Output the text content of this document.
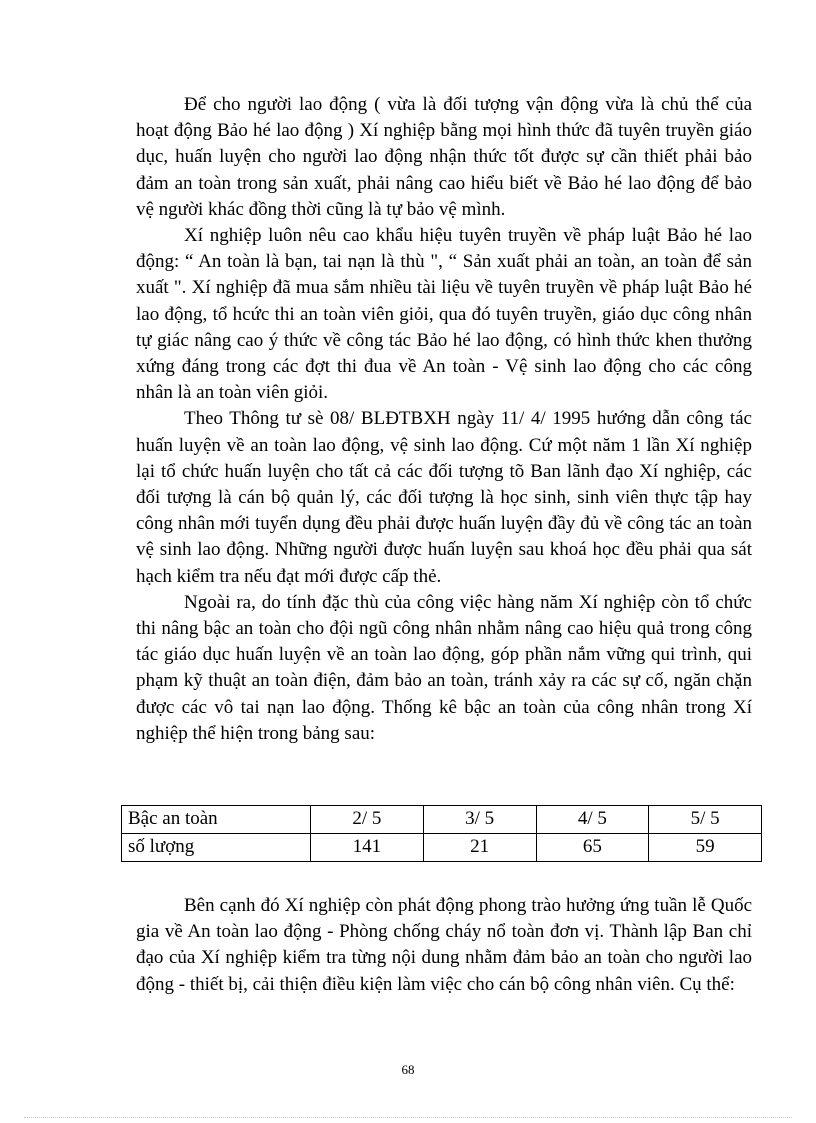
Để cho người lao động ( vừa là đối tượng vận động vừa là chủ thể của hoạt động Bảo hé lao động ) Xí nghiệp bằng mọi hình thức đã tuyên truyền giáo dục, huấn luyện cho người lao động nhận thức tốt được sự cần thiết phải bảo đảm an toàn trong sản xuất, phải nâng cao hiểu biết về Bảo hé lao động để bảo vệ người khác đồng thời cũng là tự bảo vệ mình.

Xí nghiệp luôn nêu cao khẩu hiệu tuyên truyền về pháp luật Bảo hé lao động: “ An toàn là bạn, tai nạn là thù ", “ Sản xuất phải an toàn, an toàn để sản xuất ". Xí nghiệp đã mua sắm nhiều tài liệu về tuyên truyền về pháp luật Bảo hé lao động, tổ hcức thi an toàn viên giỏi, qua đó tuyên truyền, giáo dục công nhân tự giác nâng cao ý thức về công tác Bảo hé lao động, có hình thức khen thưởng xứng đáng trong các đợt thi đua về An toàn - Vệ sinh lao động cho các công nhân là an toàn viên giỏi.

Theo Thông tư sè 08/ BLĐTBXH ngày 11/ 4/ 1995 hướng dẫn công tác huấn luyện về an toàn lao động, vệ sinh lao động. Cứ một năm 1 lần Xí nghiệp lại tổ chức huấn luyện cho tất cả các đối tượng tõ Ban lãnh đạo Xí nghiệp, các đối tượng là cán bộ quản lý, các đối tượng là học sinh, sinh viên thực tập hay công nhân mới tuyển dụng đều phải được huấn luyện đầy đủ về công tác an toàn vệ sinh lao động. Những người được huấn luyện sau khoá học đều phải qua sát hạch kiểm tra nếu đạt mới được cấp thẻ.

Ngoài ra, do tính đặc thù của công việc hàng năm Xí nghiệp còn tổ chức thi nâng bậc an toàn cho đội ngũ công nhân nhằm nâng cao hiệu quả trong công tác giáo dục huấn luyện về an toàn lao động, góp phần nắm vững qui trình, qui phạm kỹ thuật an toàn điện, đảm bảo an toàn, tránh xảy ra các sự cố, ngăn chặn được các vô tai nạn lao động. Thống kê bậc an toàn của công nhân trong Xí nghiệp thể hiện trong bảng sau:

Bậc an toàn	2/ 5	3/ 5	4/ 5	5/ 5
số lượng	141	21	65	59

Bên cạnh đó Xí nghiệp còn phát động phong trào hưởng ứng tuần lễ Quốc gia về An toàn lao động - Phòng chống cháy nổ toàn đơn vị. Thành lập Ban chỉ đạo của Xí nghiệp kiểm tra từng nội dung nhằm đảm bảo an toàn cho người lao động - thiết bị, cải thiện điều kiện làm việc cho cán bộ công nhân viên. Cụ thể:

68
